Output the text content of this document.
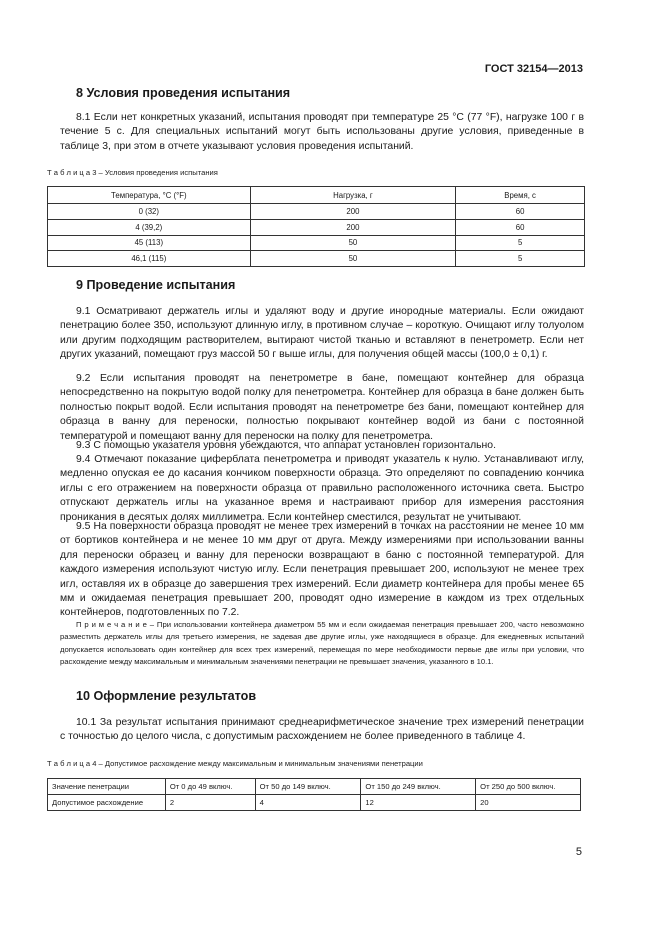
ГОСТ 32154—2013
8 Условия проведения испытания

8.1 Если нет конкретных указаний, испытания проводят при температуре 25 °С (77 °F), нагрузке 100 г в течение 5 с. Для специальных испытаний могут быть использованы другие условия, приведенные в таблице 3, при этом в отчете указывают условия проведения испытаний.

Т а б л и ц а 3 – Условия проведения испытания
Температура, °С (°F)	Нагрузка, г	Время, с
0 (32)	200	60
4 (39,2)	200	60
45 (113)	50	5
46,1 (115)	50	5
9 Проведение испытания

9.1 Осматривают держатель иглы и удаляют воду и другие инородные материалы. Если ожидают пенетрацию более 350, используют длинную иглу, в противном случае – короткую. Очищают иглу толуолом или другим подходящим растворителем, вытирают чистой тканью и вставляют в пенетрометр. Если нет других указаний, помещают груз массой 50 г выше иглы, для получения общей массы (100,0 ± 0,1) г.

9.2 Если испытания проводят на пенетрометре в бане, помещают контейнер для образца непосредственно на покрытую водой полку для пенетрометра. Контейнер для образца в бане должен быть полностью покрыт водой. Если испытания проводят на пенетрометре без бани, помещают контейнер для образца в ванну для переноски, полностью покрывают контейнер водой из бани с постоянной температурой и помещают ванну для переноски на полку для пенетрометра.

9.3 С помощью указателя уровня убеждаются, что аппарат установлен горизонтально.

9.4 Отмечают показание циферблата пенетрометра и приводят указатель к нулю. Устанавливают иглу, медленно опуская ее до касания кончиком поверхности образца. Это определяют по совпадению кончика иглы с его отражением на поверхности образца от правильно расположенного источника света. Быстро отпускают держатель иглы на указанное время и настраивают прибор для измерения расстояния проникания в десятых долях миллиметра. Если контейнер сместился, результат не учитывают.

9.5 На поверхности образца проводят не менее трех измерений в точках на расстоянии не менее 10 мм от бортиков контейнера и не менее 10 мм друг от друга. Между измерениями при использовании ванны для переноски образец и ванну для переноски возвращают в баню с постоянной температурой. Для каждого измерения используют чистую иглу. Если пенетрация превышает 200, используют не менее трех игл, оставляя их в образце до завершения трех измерений. Если диаметр контейнера для пробы менее 65 мм и ожидаемая пенетрация превышает 200, проводят одно измерение в каждом из трех отдельных контейнеров, подготовленных по 7.2.

П р и м е ч а н и е – При использовании контейнера диаметром 55 мм и если ожидаемая пенетрация превышает 200, часто невозможно разместить держатель иглы для третьего измерения, не задевая две другие иглы, уже находящиеся в образце. Для ежедневных испытаний допускается использовать один контейнер для всех трех измерений, перемещая по мере необходимости первые две иглы при условии, что расхождение между максимальным и минимальным значениями пенетрации не превышает значения, указанного в 10.1.

10 Оформление результатов

10.1 За результат испытания принимают среднеарифметическое значение трех измерений пенетрации с точностью до целого числа, с допустимым расхождением не более приведенного в таблице 4.

Т а б л и ц а 4 – Допустимое расхождение между максимальным и минимальным значениями пенетрации
Значение пенетрации	От 0 до 49 включ.	От 50 до 149 включ.	От 150 до 249 включ.	От 250 до 500 включ.
Допустимое расхождение	2	4	12	20
5
